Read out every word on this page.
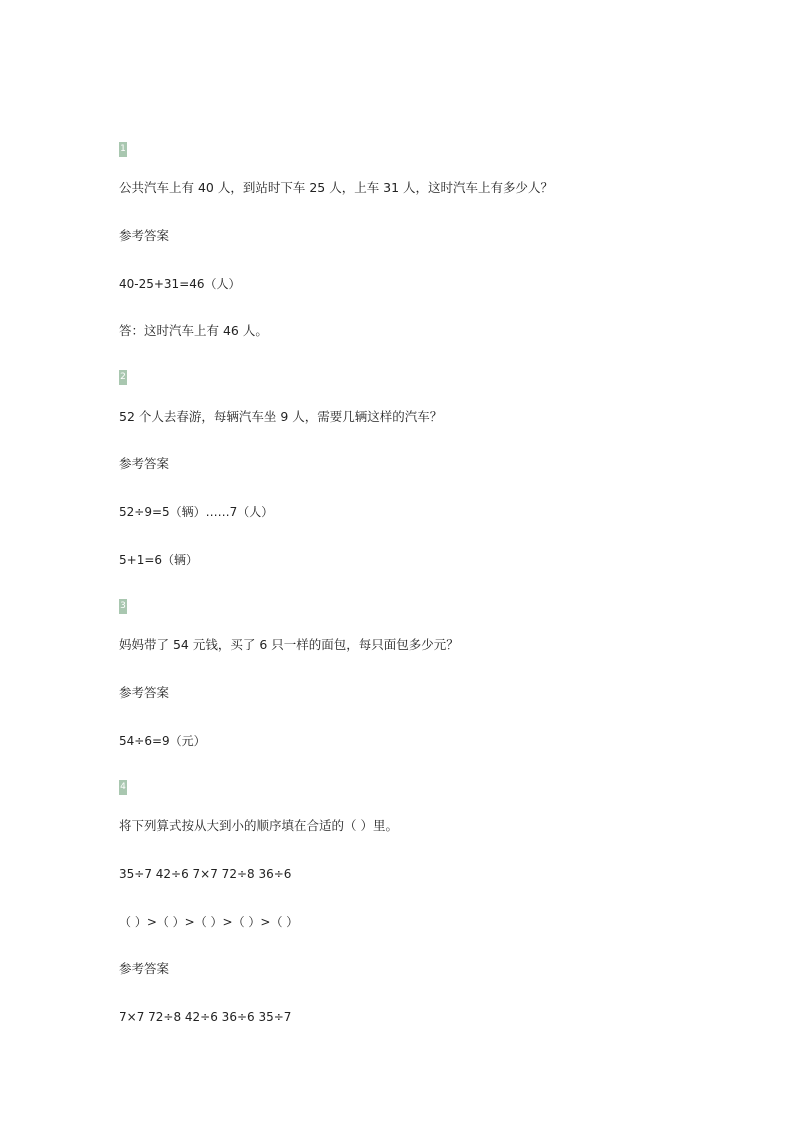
1
公共汽车上有 40 人，到站时下车 25 人，上车 31 人，这时汽车上有多少人？
参考答案
40-25+31=46（人）
答：这时汽车上有 46 人。
2
52 个人去春游，每辆汽车坐 9 人，需要几辆这样的汽车？
参考答案
52÷9=5（辆）……7（人）
5+1=6（辆）
3
妈妈带了 54 元钱，买了 6 只一样的面包，每只面包多少元？
参考答案
54÷6=9（元）
4
将下列算式按从大到小的顺序填在合适的（ ）里。
35÷7 42÷6 7×7 72÷8 36÷6
（ ）>（ ）>（ ）>（ ）>（ ）
参考答案
7×7 72÷8 42÷6 36÷6 35÷7
